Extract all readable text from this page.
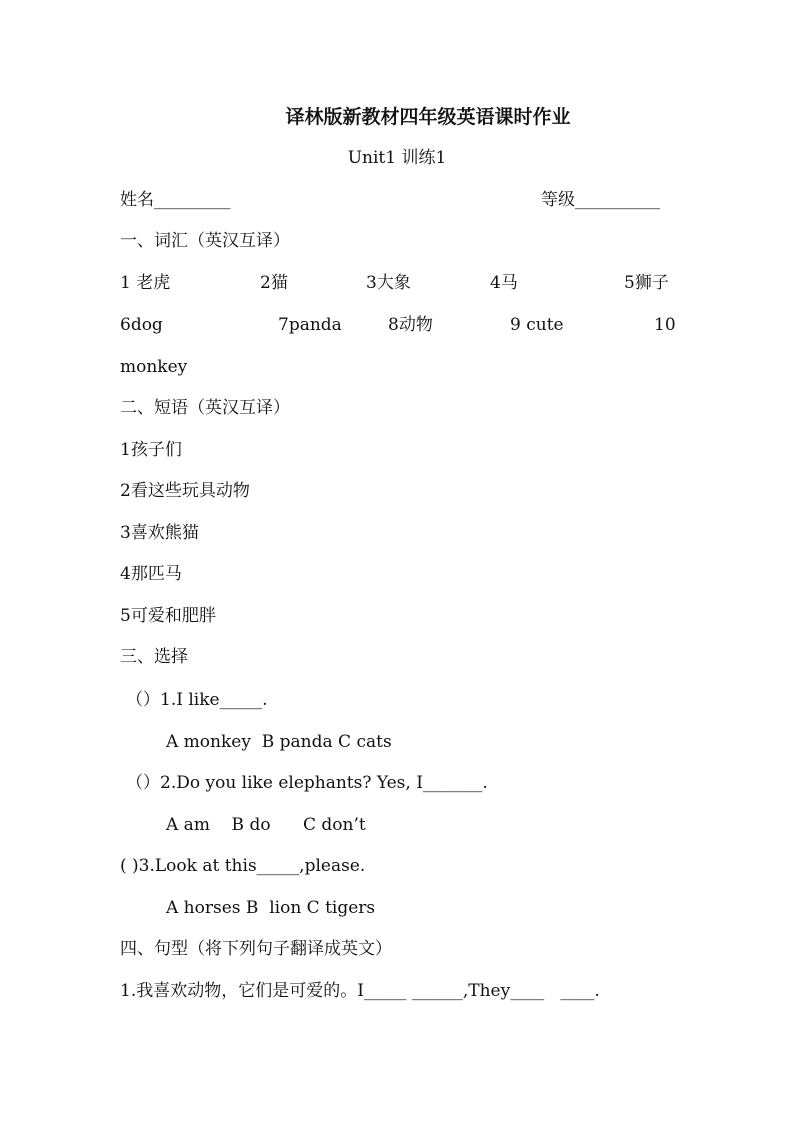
译林版新教材四年级英语课时作业
Unit1 训练1
姓名_________	等级__________
一、词汇（英汉互译）
1 老虎	2猫	3大象	4马	5狮子
6dog	7panda	8动物	9 cute	10
monkey
二、短语（英汉互译）
1孩子们
2看这些玩具动物
3喜欢熊猫
4那匹马
5可爱和肥胖
三、选择
（）1.I like_____.
A monkey  B panda C cats
（）2.Do you like elephants? Yes, I_______.
A am    B do      C don’t
( )3.Look at this_____,please.
A horses B  lion C tigers
四、句型（将下列句子翻译成英文）
1.我喜欢动物，它们是可爱的。I_____ ______,They____   ____.
